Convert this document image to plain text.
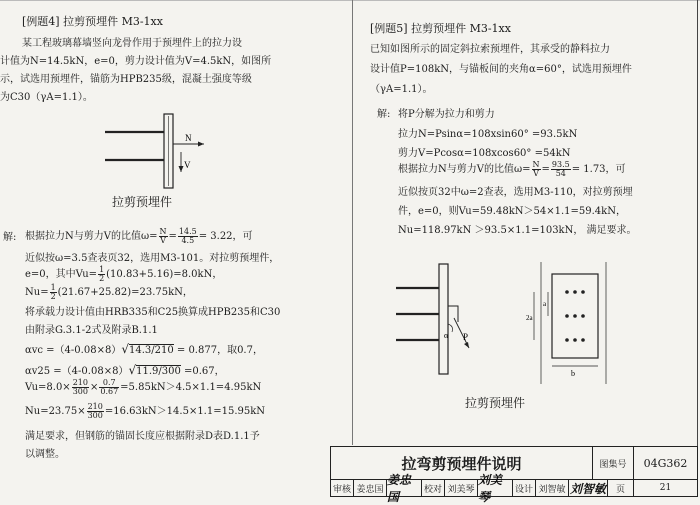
[例题4] 拉剪预埋件 M3-1xx
某工程玻璃幕墙竖向龙骨作用于预埋件上的拉力设
计值为N=14.5kN，e=0，剪力设计值为V=4.5kN，如图所
示，试选用预埋件，锚筋为HPB235级，混凝土强度等级
为C30（γA=1.1）。
N
V
拉剪预埋件
解: 根据拉力N与剪力V的比值$\omega= \frac{N}{V} = \frac{14.5}{4.5} = 3.22$，可
近似按ω=3.5查表页32，选用M3-101。对拉剪预埋件，
e=0，其中$Vu= \frac{1}{2} (10.83+5.16)=8.0kN$，
$Nu= \frac{1}{2} (21.67+25.82)=23.75kN$，
将承载力设计值由HRB335和C25换算成HPB235和C30
由附录G.3.1-2式及附录B.1.1
αvc =（4-0.08×8）√14.3/210 = 0.877，取0.7，
αv25 =（4-0.08×8）√11.9/300 =0.67，
$Vu=8.0\times \frac{210}{300} \times \frac{0.7}{0.67} =5.85kN>4.5\times 1.1=4.95kN$
$Nu=23.75\times \frac{210}{300} =16.63kN>14.5\times 1.1=15.95kN$
满足要求，但钢筋的锚固长度应根据附录D表D.1.1予
以调整。
[例题5] 拉剪预埋件 M3-1xx
已知如图所示的固定斜拉索预埋件，其承受的静料拉力
设计值P=108kN，与锚板间的夹角α=60°，试选用预埋件
（γA=1.1）。
解: 将P分解为拉力和剪力
拉力N=Psinα=108xsin60° =93.5kN
剪力V=Pcosα=108xcos60° =54kN
根据拉力N与剪力V的比值$\omega= \frac{N}{V} = \frac{93.5}{54} = 1.73$，可
近似按页32中ω=2查表，选用M3-110，对拉剪预埋
件，e=0，则Vu=59.48kN＞54×1.1=59.4kN，
Nu=118.97kN ＞93.5×1.1=103kN， 满足要求。
α P
a
2a
b
拉剪预埋件
拉弯剪预埋件说明	图集号 04G362
审核 姜忠国
姜忠国
校对 刘美琴
刘美琴
设计 刘智敏 刘智敏 页	21
